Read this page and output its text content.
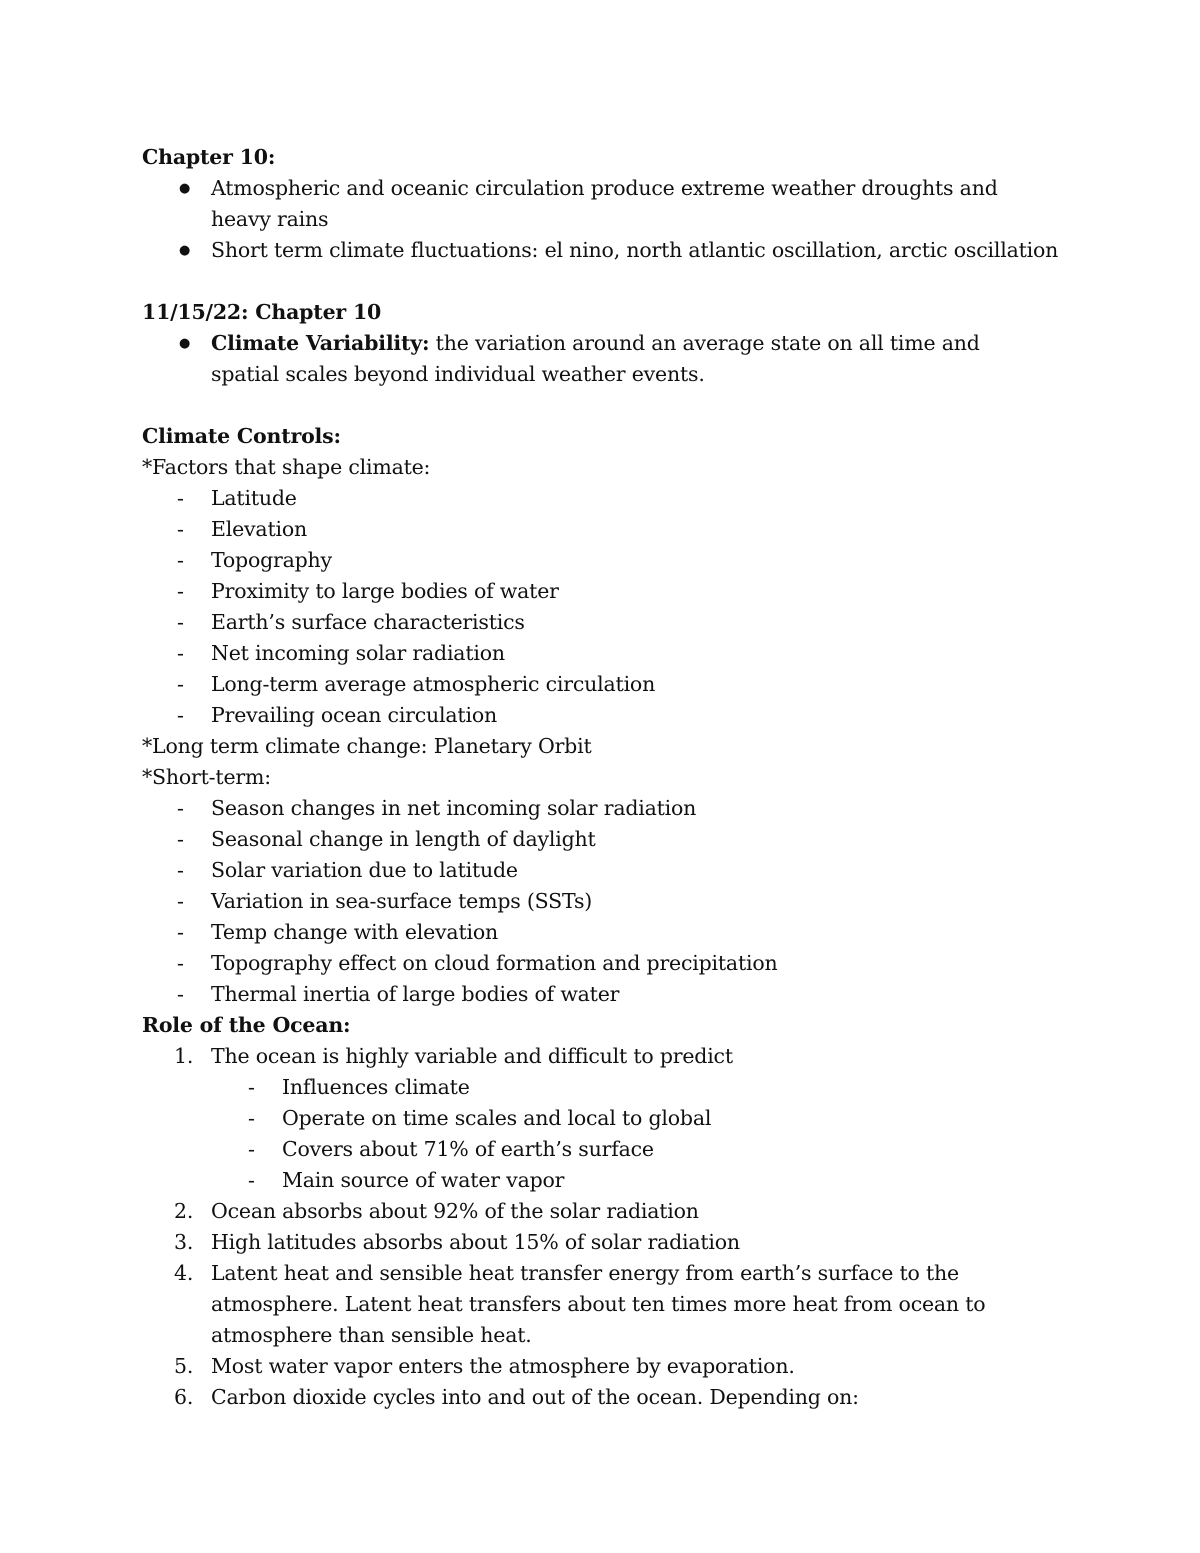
Chapter 10:

● Atmospheric and oceanic circulation produce extreme weather droughts and heavy rains
● Short term climate fluctuations: el nino, north atlantic oscillation, arctic oscillation

11/15/22: Chapter 10

● Climate Variability: the variation around an average state on all time and spatial scales beyond individual weather events.

Climate Controls:

*Factors that shape climate:

- Latitude
- Elevation
- Topography
- Proximity to large bodies of water
- Earth’s surface characteristics
- Net incoming solar radiation
- Long-term average atmospheric circulation
- Prevailing ocean circulation

*Long term climate change: Planetary Orbit

*Short-term:

- Season changes in net incoming solar radiation
- Seasonal change in length of daylight
- Solar variation due to latitude
- Variation in sea-surface temps (SSTs)
- Temp change with elevation
- Topography effect on cloud formation and precipitation
- Thermal inertia of large bodies of water

Role of the Ocean:

1. The ocean is highly variable and difficult to predict
- Influences climate
- Operate on time scales and local to global
- Covers about 71% of earth’s surface
- Main source of water vapor
2. Ocean absorbs about 92% of the solar radiation
3. High latitudes absorbs about 15% of solar radiation
4. Latent heat and sensible heat transfer energy from earth’s surface to the atmosphere. Latent heat transfers about ten times more heat from ocean to atmosphere than sensible heat.
5. Most water vapor enters the atmosphere by evaporation.
6. Carbon dioxide cycles into and out of the ocean. Depending on:
